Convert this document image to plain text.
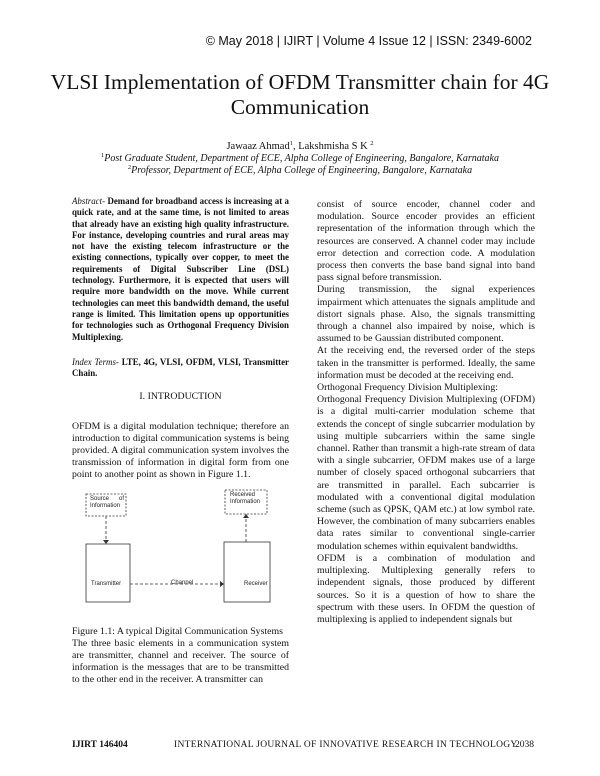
© May 2018 | IJIRT | Volume 4 Issue 12 | ISSN: 2349-6002
VLSI Implementation of OFDM Transmitter chain for 4G
Communication
Jawaaz Ahmad$^1$, Lakshmisha S K $^2$
$^1$Post Graduate Student, Department of ECE, Alpha College of Engineering, Bangalore, Karnataka
$^2$Professor, Department of ECE, Alpha College of Engineering, Bangalore, Karnataka

Abstract- Demand for broadband access is increasing at a quick rate, and at the same time, is not limited to areas that already have an existing high quality infrastructure. For instance, developing countries and rural areas may not have the existing telecom infrastructure or the existing connections, typically over copper, to meet the requirements of Digital Subscriber Line (DSL) technology. Furthermore, it is expected that users will require more bandwidth on the move. While current technologies can meet this bandwidth demand, the useful range is limited. This limitation opens up opportunities for technologies such as Orthogonal Frequency Division Multiplexing.

Index Terms- LTE, 4G, VLSI, OFDM, VLSI, Transmitter Chain.

I. INTRODUCTION

OFDM is a digital modulation technique; therefore an introduction to digital communication systems is being provided. A digital communication system involves the transmission of information in digital form from one point to another point as shown in Figure 1.1.

Source of Information
Received Information
Transmitter	Channel	Receiver

Figure 1.1: A typical Digital Communication Systems

The three basic elements in a communication system are transmitter, channel and receiver. The source of information is the messages that are to be transmitted to the other end in the receiver. A transmitter can

consist of source encoder, channel coder and modulation. Source encoder provides an efficient representation of the information through which the resources are conserved. A channel coder may include error detection and correction code. A modulation process then converts the base band signal into band pass signal before transmission.

During transmission, the signal experiences impairment which attenuates the signals amplitude and distort signals phase. Also, the signals transmitting through a channel also impaired by noise, which is assumed to be Gaussian distributed component.

At the receiving end, the reversed order of the steps taken in the transmitter is performed. Ideally, the same information must be decoded at the receiving end.

Orthogonal Frequency Division Multiplexing:

Orthogonal Frequency Division Multiplexing (OFDM) is a digital multi-carrier modulation scheme that extends the concept of single subcarrier modulation by using multiple subcarriers within the same single channel. Rather than transmit a high-rate stream of data with a single subcarrier, OFDM makes use of a large number of closely spaced orthogonal subcarriers that are transmitted in parallel. Each subcarrier is modulated with a conventional digital modulation scheme (such as QPSK, QAM etc.) at low symbol rate. However, the combination of many subcarriers enables data rates similar to conventional single-carrier modulation schemes within equivalent bandwidths.

OFDM is a combination of modulation and multiplexing. Multiplexing generally refers to independent signals, those produced by different sources. So it is a question of how to share the spectrum with these users. In OFDM the question of multiplexing is applied to independent signals but

IJIRT 146404	INTERNATIONAL JOURNAL OF INNOVATIVE RESEARCH IN TECHNOLOGY
2038
